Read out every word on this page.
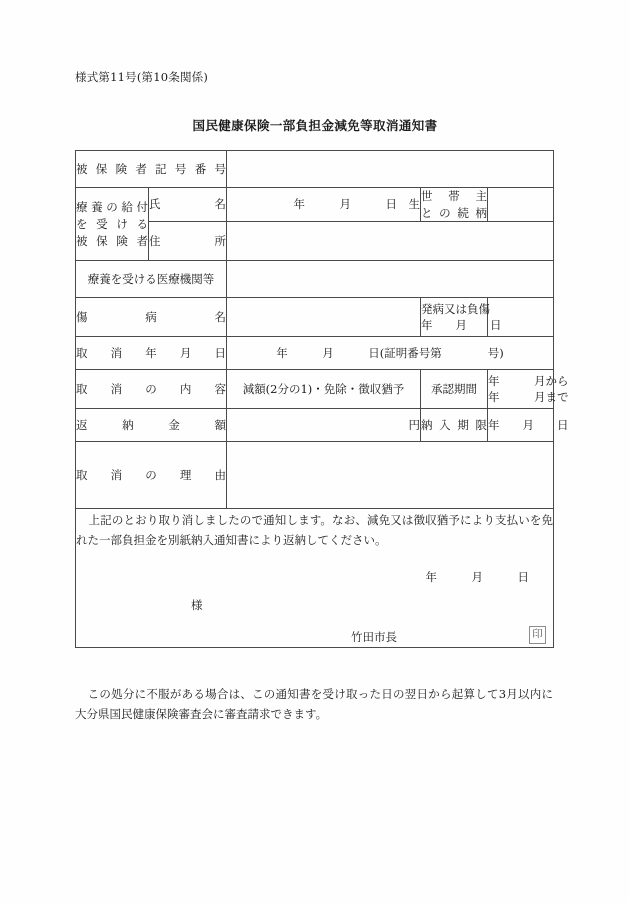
様式第11号(第10条関係)
国民健康保険一部負担金減免等取消通知書
被保険者記号番号				

療養の給付
を受ける
被保険者	氏　名	年　　　月　　　日　生	世帯主
との続柄	

	住　所			
療養を受ける医療機関等				
傷　病　名			発病又は負傷
年　　月　　日	

取消年月日		年　　　月　　　日(証明番号第　　　　号)		
取消の内容		減額(2分の1)・免除・徴収猶予	承認期間	年　　　月から
年　　　月まで
返納金額		円	納入期限	年　　月　　日
取消の理由				

上記のとおり取り消しましたので通知します。なお、減免又は徴収猶予により支払いを免れた一部負担金を別紙納入通知書により返納してください。
年　　　月　　　日
様
竹田市長 印				
この処分に不服がある場合は、この通知書を受け取った日の翌日から起算して3月以内に大分県国民健康保険審査会に審査請求できます。
